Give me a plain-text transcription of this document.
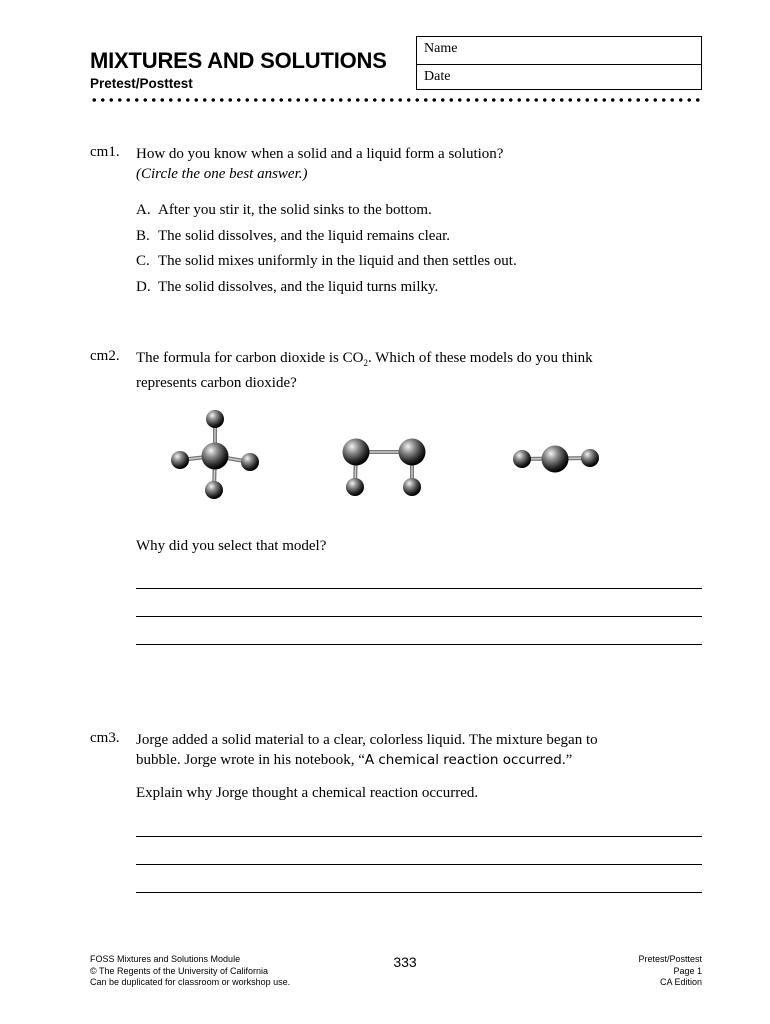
MIXTURES AND SOLUTIONS
Pretest/Posttest
Name
Date
cm1. How do you know when a solid and a liquid form a solution?
(Circle the one best answer.)
A. After you stir it, the solid sinks to the bottom.
B. The solid dissolves, and the liquid remains clear.
C. The solid mixes uniformly in the liquid and then settles out.
D. The solid dissolves, and the liquid turns milky.
cm2. The formula for carbon dioxide is $CO_2$. Which of these models do you think
represents carbon dioxide?
Why did you select that model?
cm3. Jorge added a solid material to a clear, colorless liquid. The mixture began to
bubble. Jorge wrote in his notebook, “A chemical reaction occurred.”
Explain why Jorge thought a chemical reaction occurred.
FOSS Mixtures and Solutions Module
© The Regents of the University of California
Can be duplicated for classroom or workshop use.
333	Pretest/Posttest
Page 1
CA Edition
